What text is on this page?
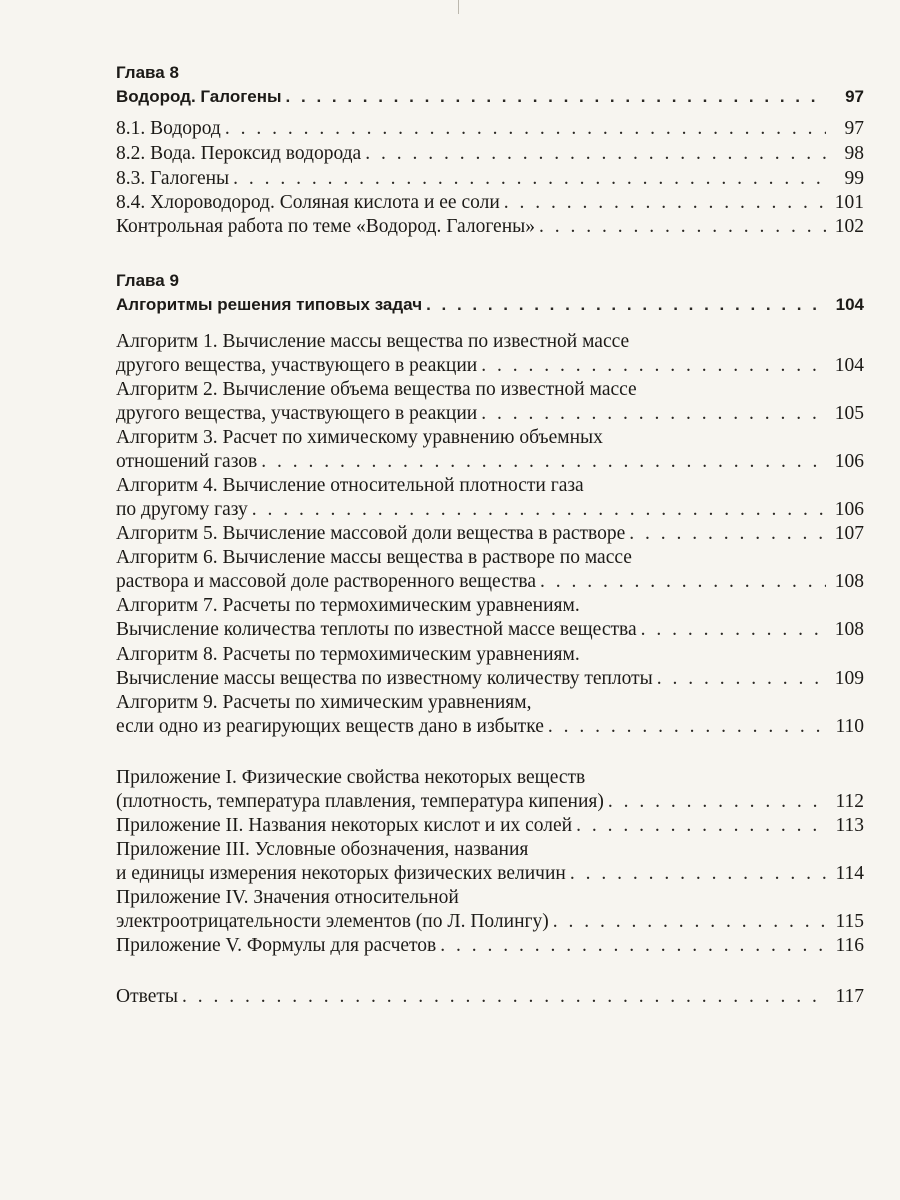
Глава 8
Водород. Галогены . . .	97
8.1. Водород . . .	97
8.2. Вода. Пероксид водорода . . .	98
8.3. Галогены . . .	99
8.4. Хлороводород. Соляная кислота и ее соли . . .	101
Контрольная работа по теме «Водород. Галогены» . . .	102
Глава 9
Алгоритмы решения типовых задач . . .	104
Алгоритм 1. Вычисление массы вещества по известной массе
другого вещества, участвующего в реакции . . .	104
Алгоритм 2. Вычисление объема вещества по известной массе
другого вещества, участвующего в реакции . . .	105
Алгоритм 3. Расчет по химическому уравнению объемных
отношений газов . . .	106
Алгоритм 4. Вычисление относительной плотности газа
по другому газу . . .	106
Алгоритм 5. Вычисление массовой доли вещества в растворе . . .	107
Алгоритм 6. Вычисление массы вещества в растворе по массе
раствора и массовой доле растворенного вещества . . .	108
Алгоритм 7. Расчеты по термохимическим уравнениям.
Вычисление количества теплоты по известной массе вещества . . .	108
Алгоритм 8. Расчеты по термохимическим уравнениям.
Вычисление массы вещества по известному количеству теплоты . . .	109
Алгоритм 9. Расчеты по химическим уравнениям,
если одно из реагирующих веществ дано в избытке . . .	110
Приложение I. Физические свойства некоторых веществ
(плотность, температура плавления, температура кипения) . . .	112
Приложение II. Названия некоторых кислот и их солей . . .	113
Приложение III. Условные обозначения, названия
и единицы измерения некоторых физических величин . . .	114
Приложение IV. Значения относительной
электроотрицательности элементов (по Л. Полингу) . . .	115
Приложение V. Формулы для расчетов . . .	116
Ответы . . .	117
